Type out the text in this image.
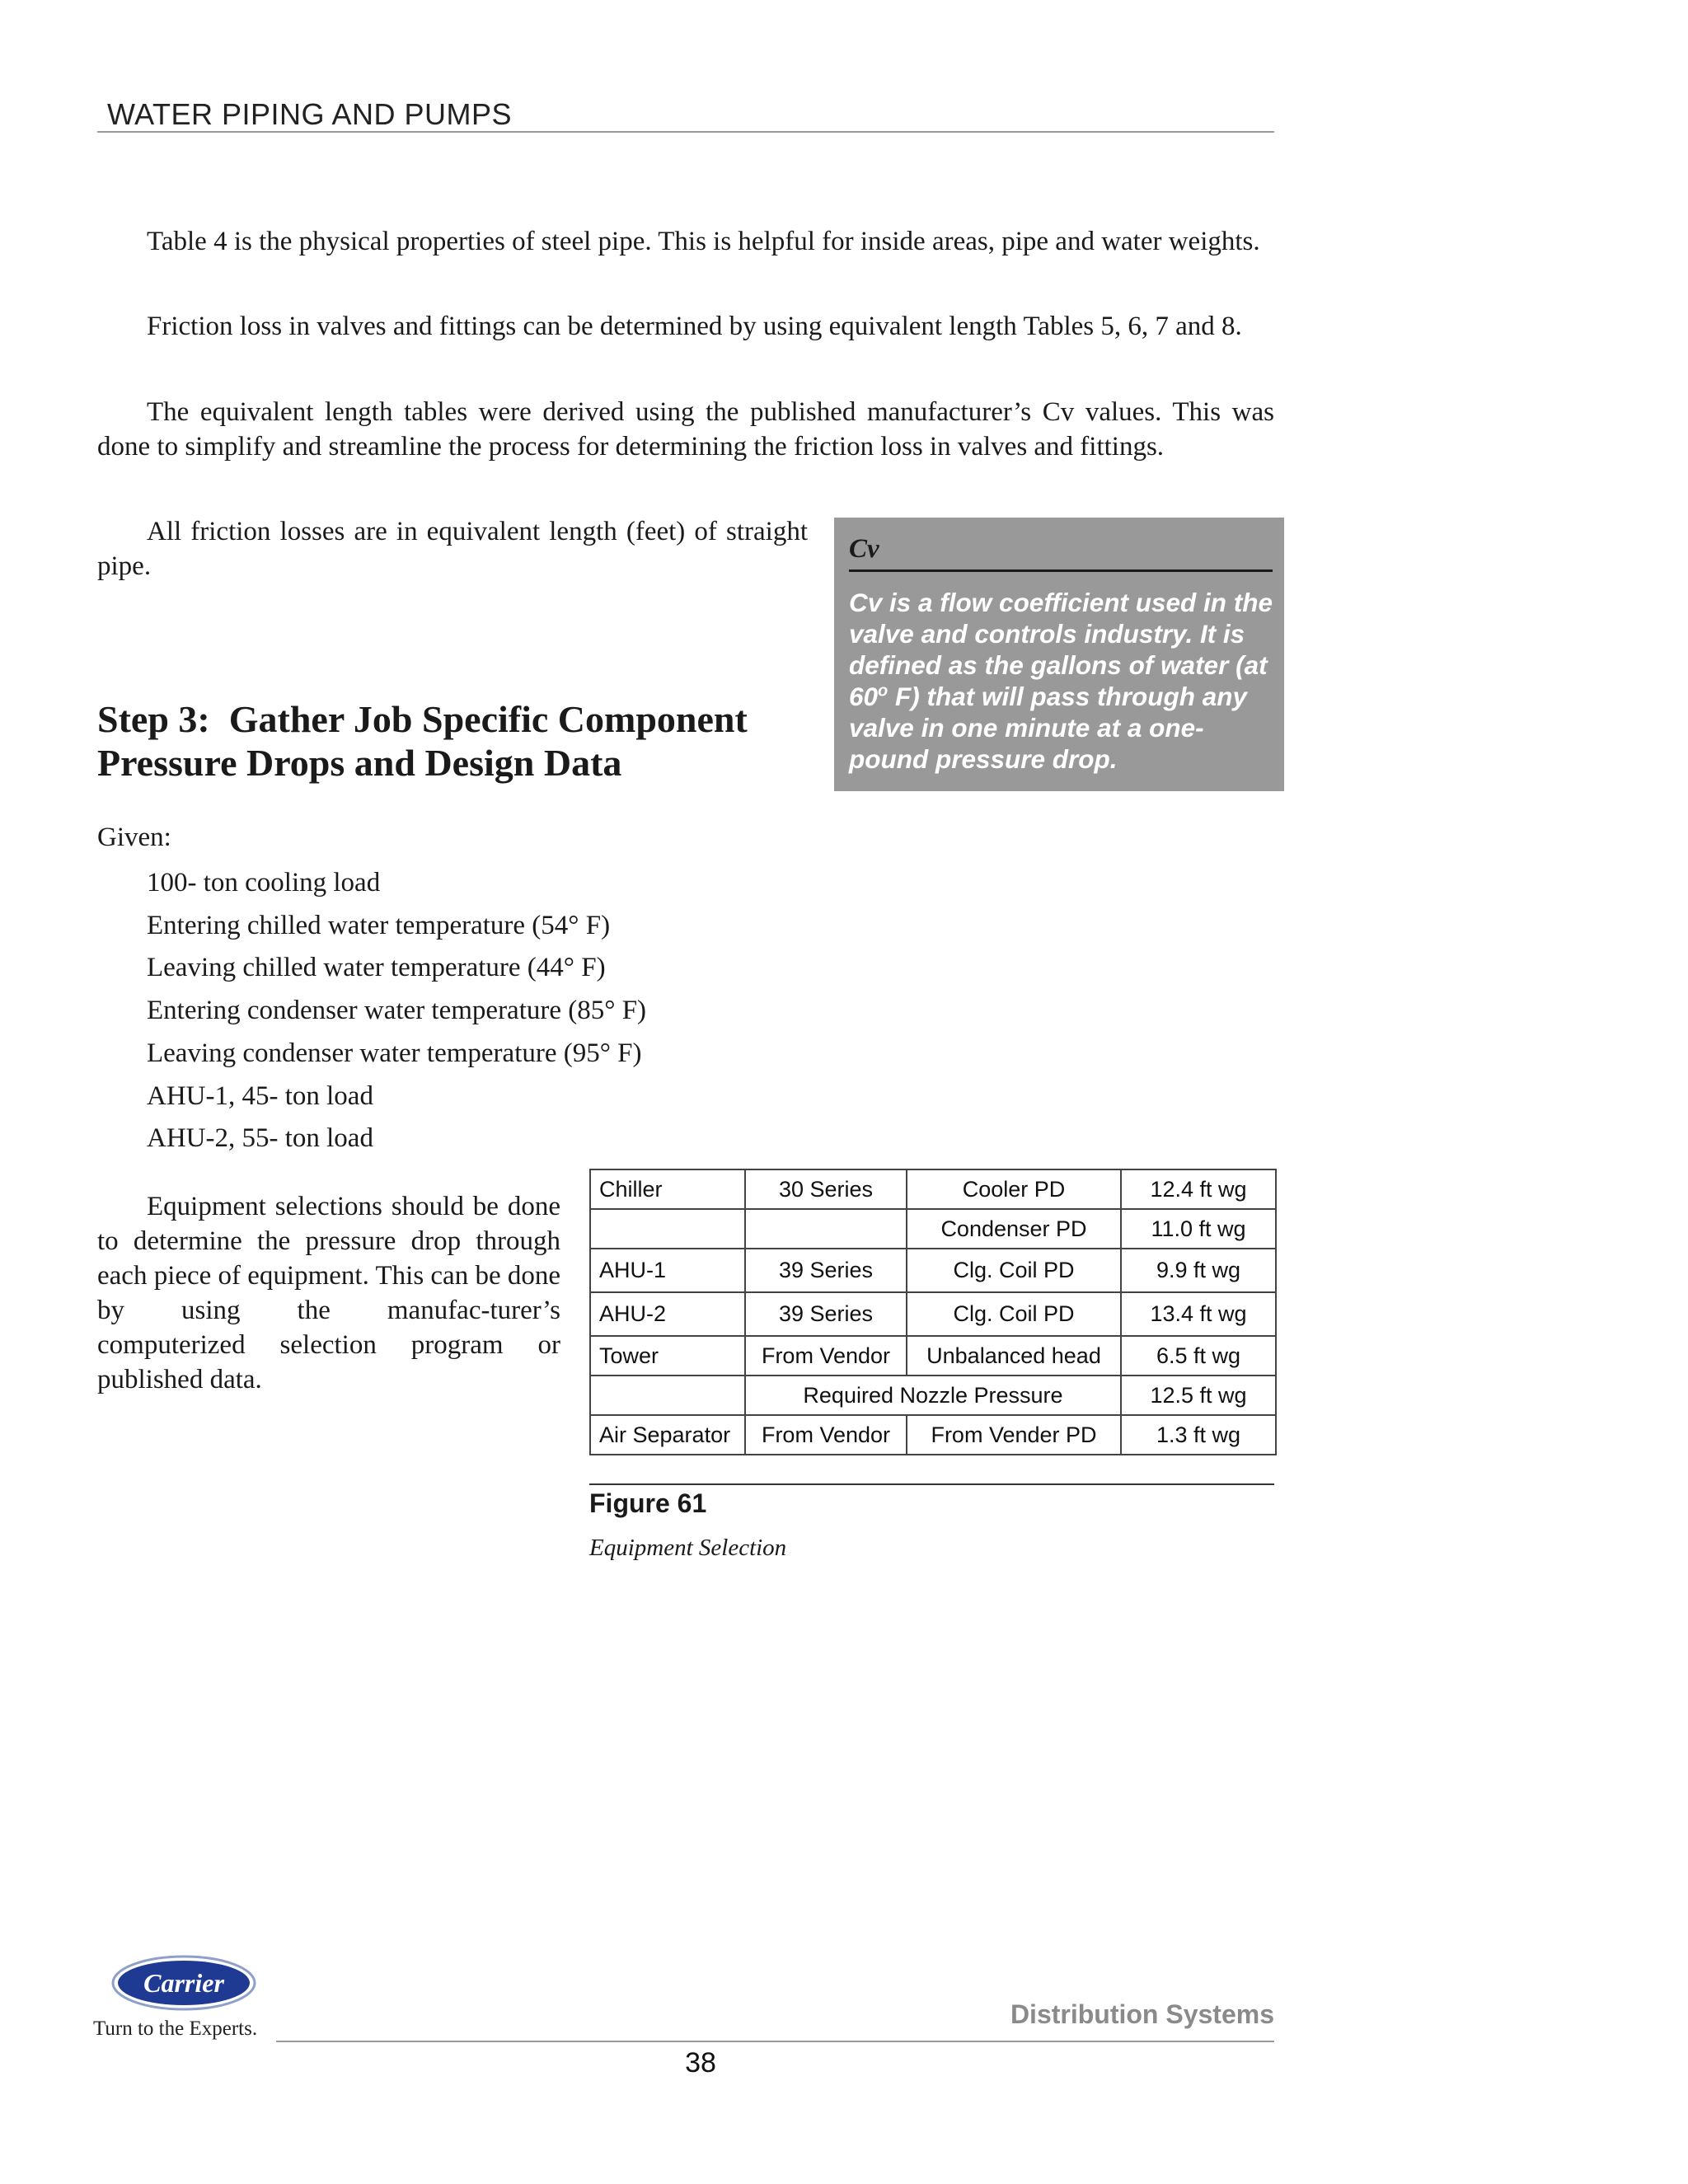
WATER PIPING AND PUMPS

Table 4 is the physical properties of steel pipe. This is helpful for inside areas, pipe and water weights.

Friction loss in valves and fittings can be determined by using equivalent length Tables 5, 6, 7 and 8.

The equivalent length tables were derived using the published manufacturer’s Cv values. This was done to simplify and streamline the process for determining the friction loss in valves and fittings.

All friction losses are in equivalent length (feet) of straight pipe.

Cv

Cv is a flow coefficient used in the valve and controls industry. It is defined as the gallons of water (at 60$^o$ F) that will pass through any valve in one minute at a one-pound pressure drop.

Step 3:  Gather Job Specific Component
Pressure Drops and Design Data
Given:
100- ton cooling load
Entering chilled water temperature (54° F)
Leaving chilled water temperature (44° F)
Entering condenser water temperature (85° F)
Leaving condenser water temperature (95° F)
AHU-1, 45- ton load
AHU-2, 55- ton load

Equipment selections should be done to determine the pressure drop through each piece of equipment. This can be done by using the manufac-turer’s computerized selection program or published data.

Chiller	30 Series	Cooler PD	12.4 ft wg
		Condenser PD	11.0 ft wg
AHU-1	39 Series	Clg. Coil PD	9.9 ft wg
AHU-2	39 Series	Clg. Coil PD	13.4 ft wg
Tower	From Vendor	Unbalanced head	6.5 ft wg
	Required Nozzle Pressure		12.5 ft wg
Air Separator	From Vendor	From Vender PD	1.3 ft wg
Figure 61
Equipment Selection
Carrier
Turn to the Experts.	Distribution Systems
38
